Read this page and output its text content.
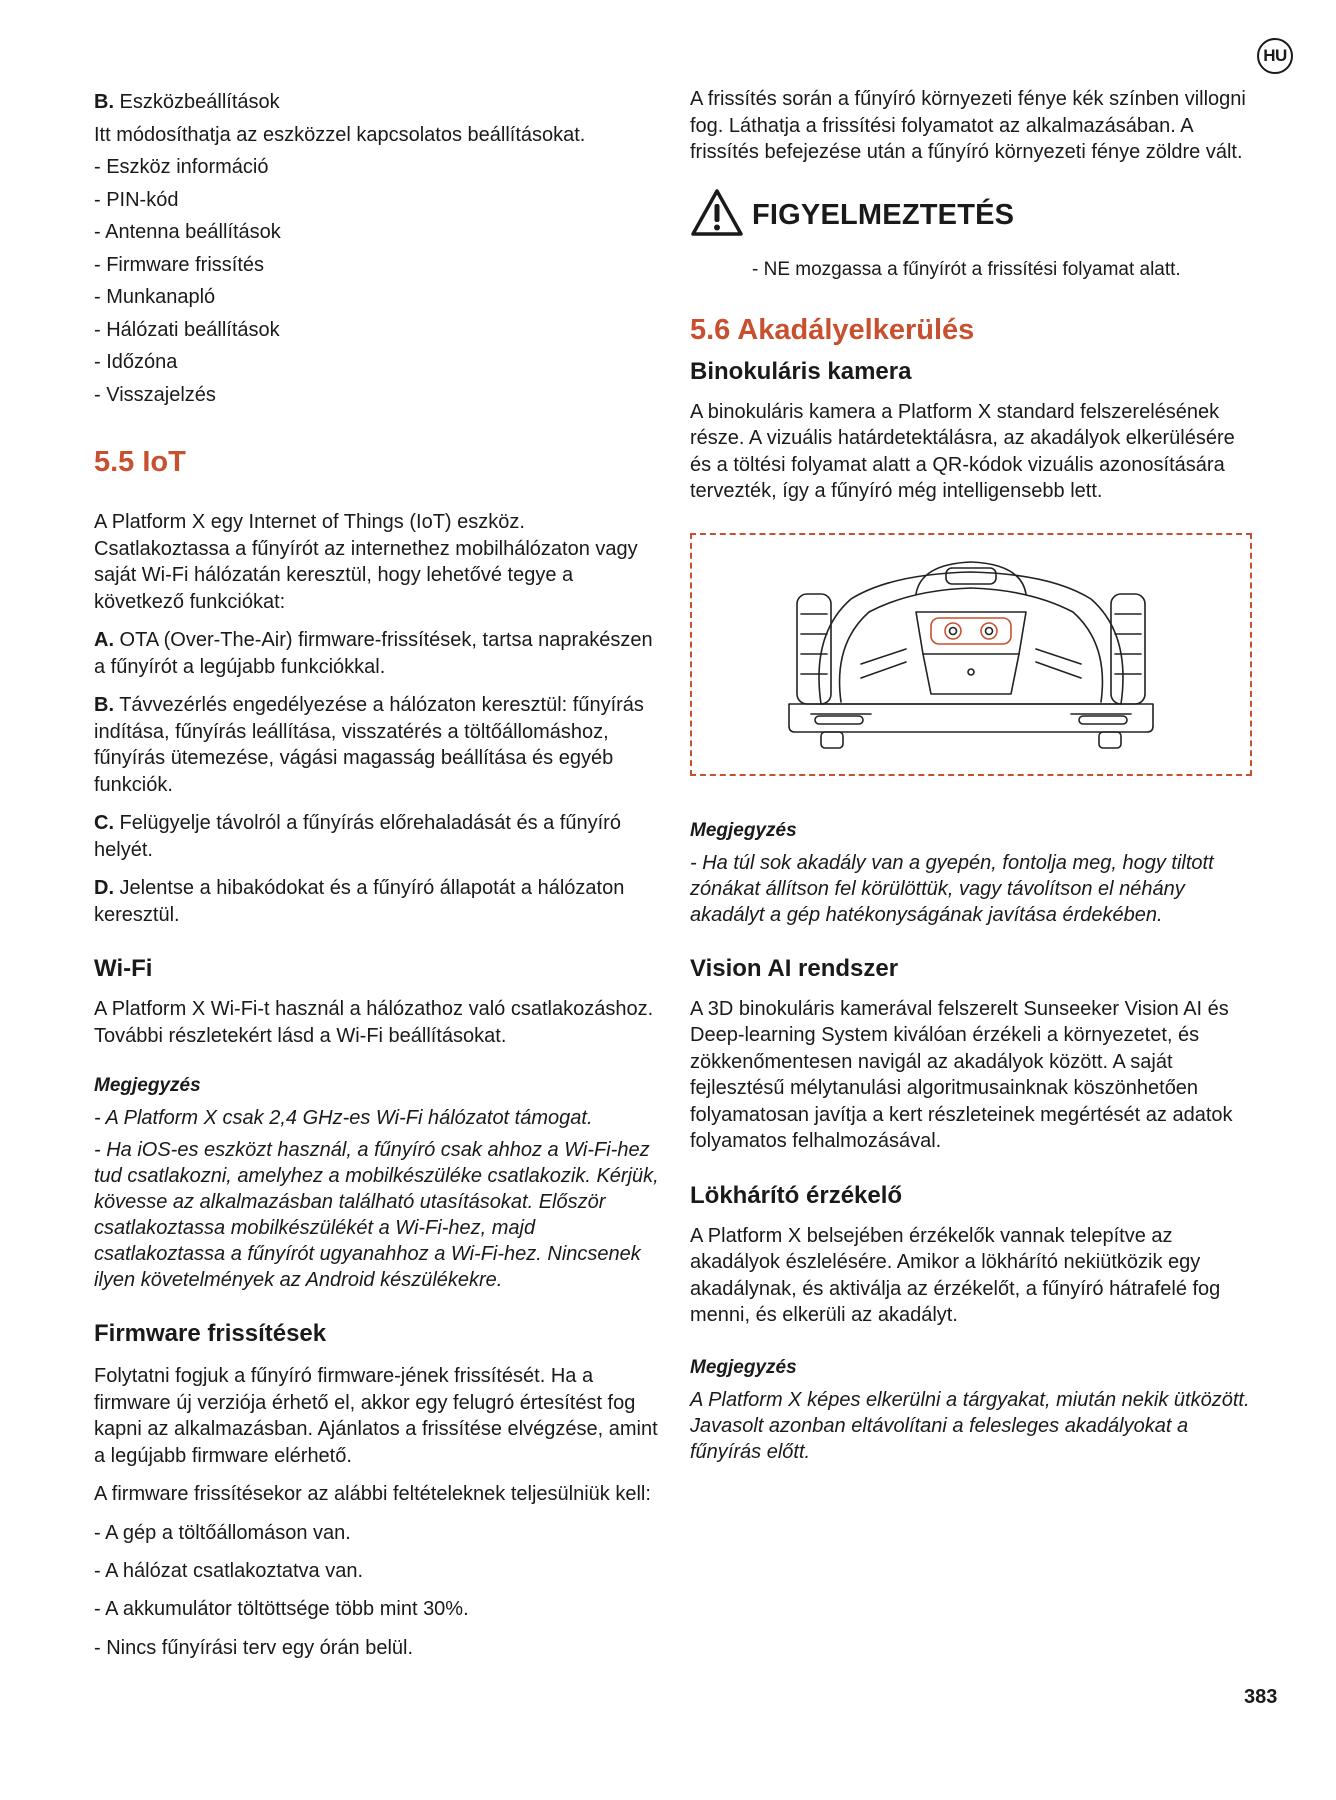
HU

B. Eszközbeállítások

Itt módosíthatja az eszközzel kapcsolatos beállításokat.

- Eszköz információ

- PIN-kód

- Antenna beállítások

- Firmware frissítés

- Munkanapló

- Hálózati beállítások

- Időzóna

- Visszajelzés

5.5 IoT

A Platform X egy Internet of Things (IoT) eszköz. Csatlakoztassa a fűnyírót az internethez mobilhálózaton vagy saját Wi-Fi hálózatán keresztül, hogy lehetővé tegye a következő funkciókat:

A. OTA (Over-The-Air) firmware-frissítések, tartsa naprakészen a fűnyírót a legújabb funkciókkal.

B. Távvezérlés engedélyezése a hálózaton keresztül: fűnyírás indítása, fűnyírás leállítása, visszatérés a töltőállomáshoz, fűnyírás ütemezése, vágási magasság beállítása és egyéb funkciók.

C. Felügyelje távolról a fűnyírás előrehaladását és a fűnyíró helyét.

D. Jelentse a hibakódokat és a fűnyíró állapotát a hálózaton keresztül.

Wi-Fi

A Platform X Wi-Fi-t használ a hálózathoz való csatlakozáshoz.

További részletekért lásd a Wi-Fi beállításokat.

Megjegyzés

- A Platform X csak 2,4 GHz-es Wi-Fi hálózatot támogat.

- Ha iOS-es eszközt használ, a fűnyíró csak ahhoz a Wi-Fi-hez tud csatlakozni, amelyhez a mobilkészüléke csatlakozik. Kérjük, kövesse az alkalmazásban található utasításokat. Először csatlakoztassa mobilkészülékét a Wi-Fi-hez, majd csatlakoztassa a fűnyírót ugyanahhoz a Wi-Fi-hez. Nincsenek ilyen követelmények az Android készülékekre.

Firmware frissítések

Folytatni fogjuk a fűnyíró firmware-jének frissítését. Ha a firmware új verziója érhető el, akkor egy felugró értesítést fog kapni az alkalmazásban. Ajánlatos a frissítése elvégzése, amint a legújabb firmware elérhető.

A firmware frissítésekor az alábbi feltételeknek teljesülniük kell:

- A gép a töltőállomáson van.

- A hálózat csatlakoztatva van.

- A akkumulátor töltöttsége több mint 30%.

- Nincs fűnyírási terv egy órán belül.

A frissítés során a fűnyíró környezeti fénye kék színben villogni fog. Láthatja a frissítési folyamatot az alkalmazásában. A frissítés befejezése után a fűnyíró környezeti fénye zöldre vált.

FIGYELMEZTETÉS

- NE mozgassa a fűnyírót a frissítési folyamat alatt.

5.6 Akadályelkerülés
Binokuláris kamera

A binokuláris kamera a Platform X standard felszerelésének része. A vizuális határdetektálásra, az akadályok elkerülésére és a töltési folyamat alatt a QR-kódok vizuális azonosítására tervezték, így a fűnyíró még intelligensebb lett.

Megjegyzés

- Ha túl sok akadály van a gyepén, fontolja meg, hogy tiltott zónákat állítson fel körülöttük, vagy távolítson el néhány akadályt a gép hatékonyságának javítása érdekében.

Vision AI rendszer

A 3D binokuláris kamerával felszerelt Sunseeker Vision AI és Deep-learning System kiválóan érzékeli a környezetet, és zökkenőmentesen navigál az akadályok között. A saját fejlesztésű mélytanulási algoritmusainknak köszönhetően folyamatosan javítja a kert részleteinek megértését az adatok folyamatos felhalmozásával.

Lökhárító érzékelő

A Platform X belsejében érzékelők vannak telepítve az akadályok észlelésére. Amikor a lökhárító nekiütközik egy akadálynak, és aktiválja az érzékelőt, a fűnyíró hátrafelé fog menni, és elkerüli az akadályt.

Megjegyzés

A Platform X képes elkerülni a tárgyakat, miután nekik ütközött. Javasolt azonban eltávolítani a felesleges akadályokat a fűnyírás előtt.

383
